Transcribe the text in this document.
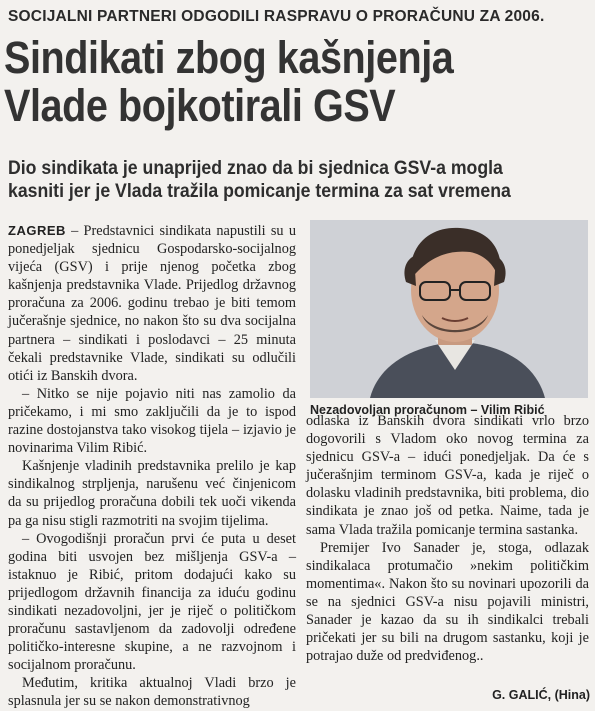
SOCIJALNI PARTNERI ODGODILI RASPRAVU O PRORAČUNU ZA 2006.
Sindikati zbog kašnjenja
Vlade bojkotirali GSV
Dio sindikata je unaprijed znao da bi sjednica GSV-a mogla
kasniti jer je Vlada tražila pomicanje termina za sat vremena

ZAGREB – Predstavnici sindikata napustili su u ponedjeljak sjednicu Gospodarsko-socijalnog vijeća (GSV) i prije njenog početka zbog kašnjenja predstavnika Vlade. Prijedlog državnog proračuna za 2006. godinu trebao je biti temom jučerašnje sjednice, no nakon što su dva socijalna partnera – sindikati i poslodavci – 25 minuta čekali predstavnike Vlade, sindikati su odlučili otići iz Banskih dvora.

– Nitko se nije pojavio niti nas zamolio da pričekamo, i mi smo zaključili da je to ispod razine dostojanstva tako visokog tijela – izjavio je novinarima Vilim Ribić.

Kašnjenje vladinih predstavnika prelilo je kap sindikalnog strpljenja, narušenu već činjenicom da su prijedlog proračuna dobili tek uoči vikenda pa ga nisu stigli razmotriti na svojim tijelima.

– Ovogodišnji proračun prvi će puta u deset godina biti usvojen bez mišljenja GSV-a – istaknuo je Ribić, pritom dodajući kako su prijedlogom državnih financija za iduću godinu sindikati nezadovoljni, jer je riječ o političkom proračunu sastavljenom da zadovolji određene političko-interesne skupine, a ne razvojnom i socijalnom proračunu.

Međutim, kritika aktualnoj Vladi brzo je splasnula jer su se nakon demonstrativnog

Nezadovoljan proračunom – Vilim Ribić

odlaska iz Banskih dvora sindikati vrlo brzo dogovorili s Vladom oko novog termina za sjednicu GSV-a – idući ponedjeljak. Da će s jučerašnjim terminom GSV-a, kada je riječ o dolasku vladinih predstavnika, biti problema, dio sindikata je znao još od petka. Naime, tada je sama Vlada tražila pomicanje termina sastanka.

Premijer Ivo Sanader je, stoga, odlazak sindikalaca protumačio »nekim političkim momentima«. Nakon što su novinari upozorili da se na sjednici GSV-a nisu pojavili ministri, Sanader je kazao da su ih sindikalci trebali pričekati jer su bili na drugom sastanku, koji je potrajao duže od predviđenog..

G. GALIĆ, (Hina)
